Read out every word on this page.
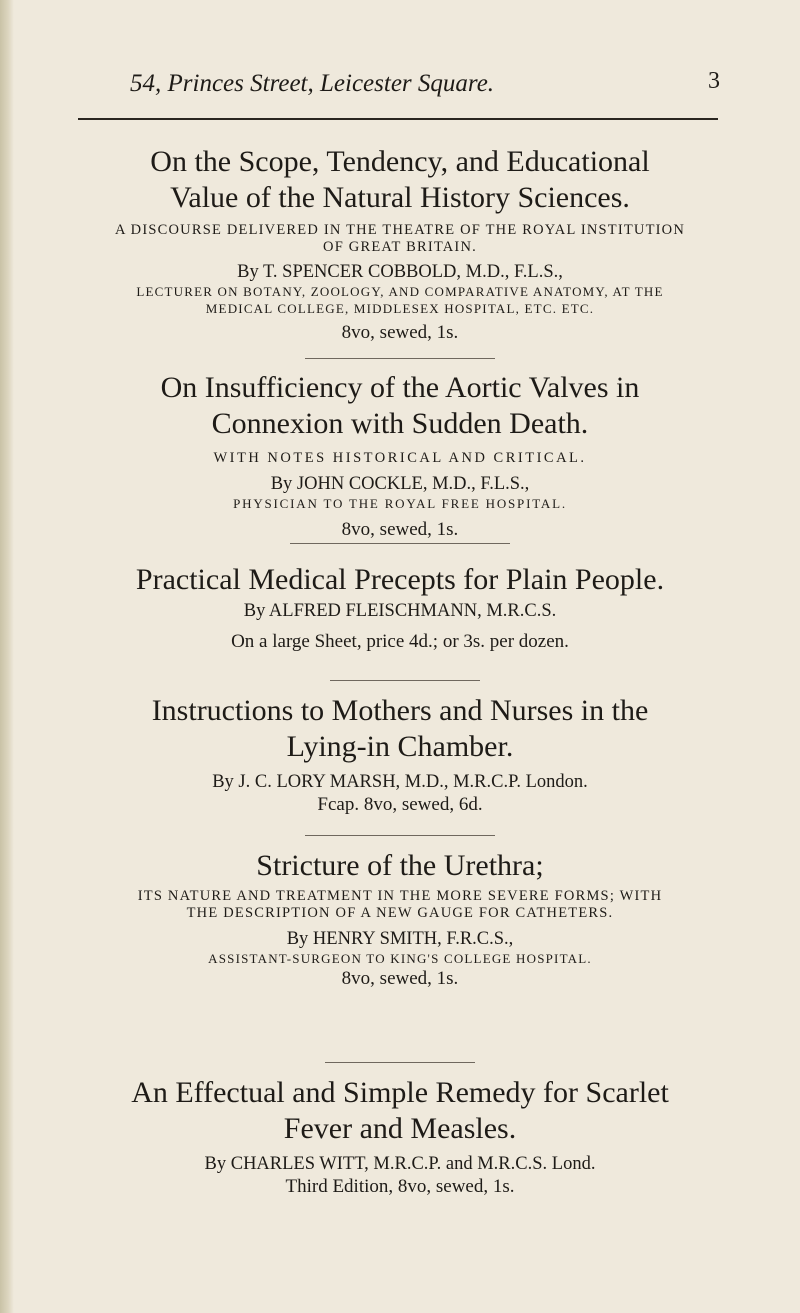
54, Princes Street, Leicester Square.	3
On the Scope, Tendency, and Educational
Value of the Natural History Sciences.
A DISCOURSE DELIVERED IN THE THEATRE OF THE ROYAL INSTITUTION
OF GREAT BRITAIN.
By T. SPENCER COBBOLD, M.D., F.L.S.,
LECTURER ON BOTANY, ZOOLOGY, AND COMPARATIVE ANATOMY, AT THE
MEDICAL COLLEGE, MIDDLESEX HOSPITAL, ETC. ETC.
8vo, sewed, 1s.
On Insufficiency of the Aortic Valves in
Connexion with Sudden Death.
WITH NOTES HISTORICAL AND CRITICAL.
By JOHN COCKLE, M.D., F.L.S.,
PHYSICIAN TO THE ROYAL FREE HOSPITAL.
8vo, sewed, 1s.
Practical Medical Precepts for Plain People.
By ALFRED FLEISCHMANN, M.R.C.S.
On a large Sheet, price 4d.; or 3s. per dozen.
Instructions to Mothers and Nurses in the
Lying-in Chamber.
By J. C. LORY MARSH, M.D., M.R.C.P. London.
Fcap. 8vo, sewed, 6d.
Stricture of the Urethra;
ITS NATURE AND TREATMENT IN THE MORE SEVERE FORMS; WITH
THE DESCRIPTION OF A NEW GAUGE FOR CATHETERS.
By HENRY SMITH, F.R.C.S.,
ASSISTANT-SURGEON TO KING'S COLLEGE HOSPITAL.
8vo, sewed, 1s.
An Effectual and Simple Remedy for Scarlet
Fever and Measles.
By CHARLES WITT, M.R.C.P. and M.R.C.S. Lond.
Third Edition, 8vo, sewed, 1s.
